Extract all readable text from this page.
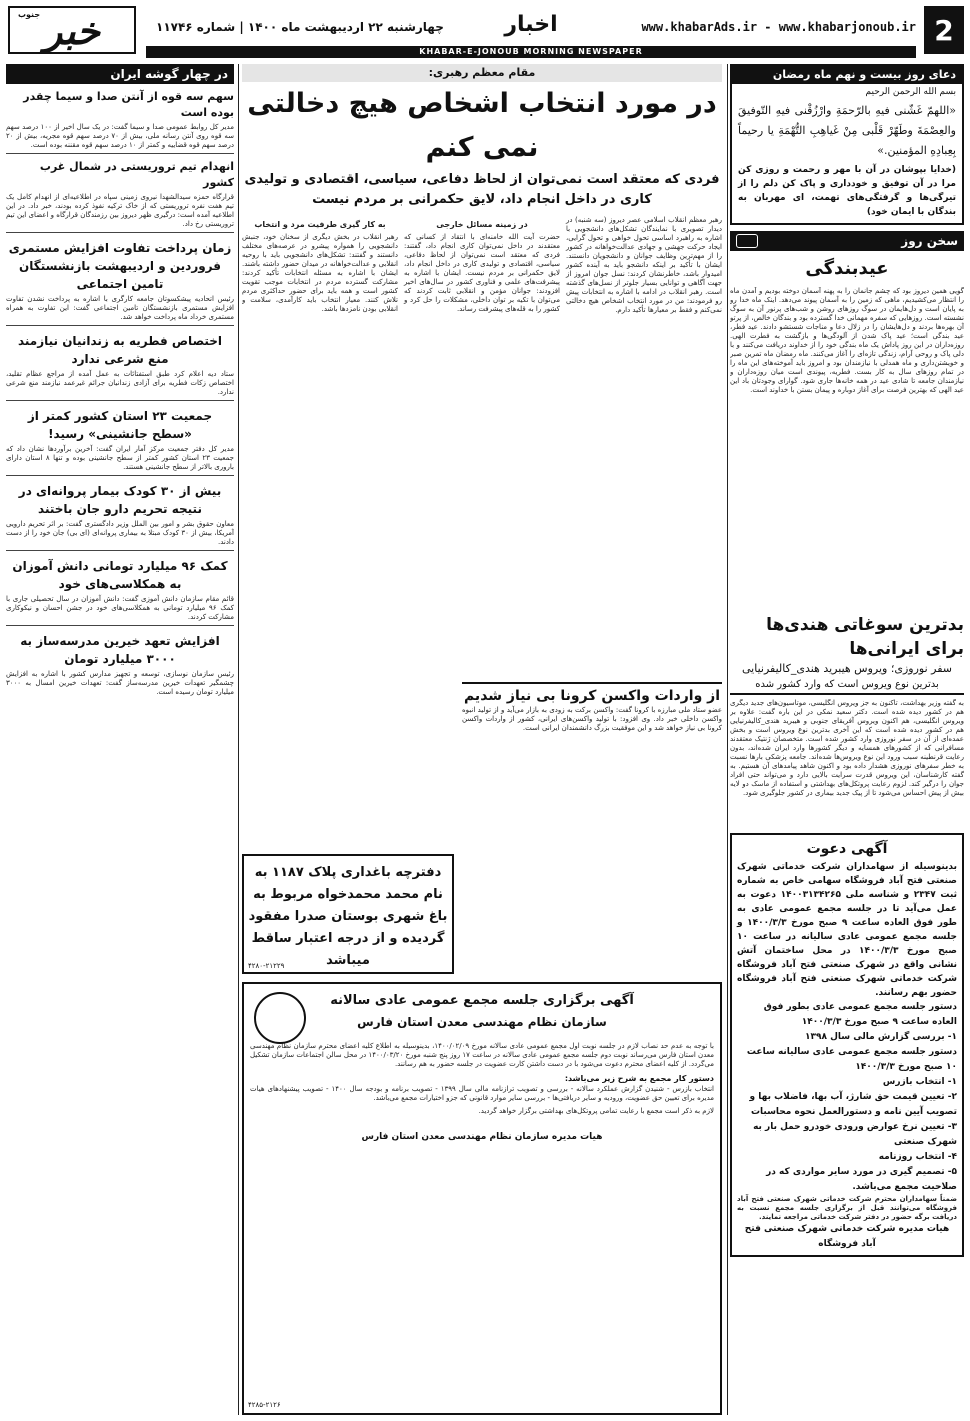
2
www.khabarAds.ir - www.khabarjonoub.ir
اخبار
چهارشنبه ۲۲ اردیبهشت ماه ۱۴۰۰ | شماره ۱۱۷۴۶
خبر
جنوب
KHABAR-E-JONOUB MORNING NEWSPAPER
دعای روز بیست و نهم ماه رمضان
بسم الله الرحمن الرحیم
«اللهمّ غَشّنی فیهِ بالرّحمَةِ وارْزُقْنی فیهِ التّوفیقَ والعِصْمَةَ وطَهّرْ قَلْبی مِنْ غَیاهِبِ التُّهْمَةِ یا رحیماً بِعِبادِهِ المؤمنین.»
(خدایا بپوشان در آن با مهر و رحمت و روزی کن مرا در آن توفیق و خودداری و پاک کن دلم را از تیرگی‌ها و گرفتگی‌های تهمت، ای مهربان به بندگان با ایمان خود)
سخن روز
عیدبندگی
گویی همین دیروز بود که چشم جانمان را به پهنه آسمان دوخته بودیم و آمدن ماه را انتظار می‌کشیدیم، ماهی که زمین را به آسمان پیوند می‌دهد. اینک ماه خدا رو به پایان است و دل‌هایمان در سوگ روزهای روشن و شب‌های پرنور آن به سوگ نشسته است. روزهایی که سفره مهمانی خدا گسترده بود و بندگان خالص، از پرتو آن بهره‌ها بردند و دل‌هایشان را در زلال دعا و مناجات شستشو دادند. عید فطر، عید بندگی است؛ عید پاک شدن از آلودگی‌ها و بازگشت به فطرت الهی. روزه‌داران در این روز پاداش یک ماه بندگی خود را از خداوند دریافت می‌کنند و با دلی پاک و روحی آرام، زندگی تازه‌ای را آغاز می‌کنند. ماه رمضان ماه تمرین صبر و خویشتن‌داری و ماه همدلی با نیازمندان بود و امروز باید آموخته‌های این ماه را در تمام روزهای سال به کار بست. فطریه، پیوندی است میان روزه‌داران و نیازمندان جامعه تا شادی عید در همه خانه‌ها جاری شود. گوارای وجودتان باد این عید الهی که بهترین فرصت برای آغاز دوباره و پیمان بستن با خداوند است.
بدترین سوغاتی هندی‌ها برای ایرانی‌ها
سفر نوروزی؛ ویروس هیبرید هندی_کالیفرنیایی
بدترین نوع ویروس است که وارد کشور شده
به گفته وزیر بهداشت، تاکنون به جز ویروس انگلیسی، موتاسیون‌های جدید دیگری هم در کشور دیده شده است. دکتر سعید نمکی در این باره گفت: علاوه بر ویروس انگلیسی، هم اکنون ویروس آفریقای جنوبی و هیبرید هندی_کالیفرنیایی هم در کشور دیده شده است که این آخری بدترین نوع ویروس است و بخش عمده‌ای از آن در سفر نوروزی وارد کشور شده است. متخصصان ژنتیک معتقدند مسافرانی که از کشورهای همسایه و دیگر کشورها وارد ایران شده‌اند، بدون رعایت قرنطینه سبب ورود این نوع ویروس‌ها شده‌اند. جامعه پزشکی بارها نسبت به خطر سفرهای نوروزی هشدار داده بود و اکنون شاهد پیامدهای آن هستیم. به گفته کارشناسان، این ویروس قدرت سرایت بالایی دارد و می‌تواند حتی افراد جوان را درگیر کند. لزوم رعایت پروتکل‌های بهداشتی و استفاده از ماسک دو لایه بیش از پیش احساس می‌شود تا از پیک جدید بیماری در کشور جلوگیری شود.
آگهی دعوت
بدینوسیله از سهامداران شرکت خدماتی شهرک صنعتی فتح آباد فروشگاه سهامی خاص به شماره ثبت ۲۳۴۷ و شناسه ملی ۱۴۰۰۳۱۳۴۲۶۵ دعوت به عمل می‌آید تا در جلسه مجمع عمومی عادی به طور فوق العاده ساعت ۹ صبح مورخ ۱۴۰۰/۳/۳ و جلسه مجمع عمومی عادی سالیانه در ساعت ۱۰ صبح مورخ ۱۴۰۰/۳/۳ در محل ساختمان آتش نشانی واقع در شهرک صنعتی فتح آباد فروشگاه شرکت خدماتی شهرک صنعتی فتح آباد فروشگاه حضور بهم رسانند.
دستور جلسه مجمع عمومی عادی بطور فوق العاده ساعت ۹ صبح مورخ ۱۴۰۰/۳/۳
۱- بررسی گزارش مالی سال ۱۳۹۸
دستور جلسه مجمع عمومی عادی سالیانه ساعت ۱۰ صبح مورخ ۱۴۰۰/۳/۳
۱- انتخاب بازرس
۲- تعیین قیمت حق شارژ، آب بها، فاضلاب بها و تصویب آیین نامه و دستورالعمل نحوه محاسبات
۳- تعیین نرخ عوارض ورودی خودرو حمل بار به شهرک صنعتی
۴- انتخاب روزنامه
۵- تصمیم گیری در مورد سایر مواردی که در صلاحیت مجمع می‌باشد.
ضمناً سهامداران محترم شرکت خدماتی شهرک صنعتی فتح آباد فروشگاه می‌توانند قبل از برگزاری جلسه مجمع نسبت به دریافت برگه حضور در دفتر شرکت خدماتی مراجعه نمایند.
هیات مدیره شرکت خدماتی شهرک صنعتی فتح آباد فروشگاه
مقام معظم رهبری:
در مورد انتخاب اشخاص هیچ دخالتی نمی کنم
فردی که معتقد است نمی‌توان از لحاظ دفاعی، سیاسی، اقتصادی و تولیدی کاری در داخل انجام داد، لایق حکمرانی بر مردم نیست

رهبر معظم انقلاب اسلامی عصر دیروز (سه شنبه) در دیدار تصویری با نمایندگان تشکل‌های دانشجویی با اشاره به راهبرد اساسی تحول خواهی و تحول گرایی، ایجاد حرکت جهشی و جهادی عدالت‌خواهانه در کشور را از مهم‌ترین وظایف جوانان و دانشجویان دانستند. ایشان با تأکید بر اینکه دانشجو باید به آینده کشور امیدوار باشد، خاطرنشان کردند: نسل جوان امروز از جهت آگاهی و توانایی بسیار جلوتر از نسل‌های گذشته است. رهبر انقلاب در ادامه با اشاره به انتخابات پیش رو فرمودند: من در مورد انتخاب اشخاص هیچ دخالتی نمی‌کنم و فقط بر معیارها تأکید دارم.

در زمینه مسائل خارجی

حضرت آیت الله خامنه‌ای با انتقاد از کسانی که معتقدند در داخل نمی‌توان کاری انجام داد، گفتند: فردی که معتقد است نمی‌توان از لحاظ دفاعی، سیاسی، اقتصادی و تولیدی کاری در داخل انجام داد، لایق حکمرانی بر مردم نیست. ایشان با اشاره به پیشرفت‌های علمی و فناوری کشور در سال‌های اخیر افزودند: جوانان مؤمن و انقلابی ثابت کردند که می‌توان با تکیه بر توان داخلی، مشکلات را حل کرد و کشور را به قله‌های پیشرفت رساند.

به کار گیری طرفیت مرد و انتخاب

رهبر انقلاب در بخش دیگری از سخنان خود، جنبش دانشجویی را همواره پیشرو در عرصه‌های مختلف دانستند و گفتند: تشکل‌های دانشجویی باید با روحیه انقلابی و عدالت‌خواهانه در میدان حضور داشته باشند. ایشان با اشاره به مسئله انتخابات تأکید کردند: مشارکت گسترده مردم در انتخابات موجب تقویت کشور است و همه باید برای حضور حداکثری مردم تلاش کنند. معیار انتخاب باید کارآمدی، سلامت و انقلابی بودن نامزدها باشد.

از واردات واکسن کرونا بی نیاز شدیم
عضو ستاد ملی مبارزه با کرونا گفت: واکسن برکت به زودی به بازار می‌آید و از تولید انبوه واکسن داخلی خبر داد. وی افزود: با تولید واکسن‌های ایرانی، کشور از واردات واکسن کرونا بی نیاز خواهد شد و این موفقیت بزرگ دانشمندان ایرانی است.
دفترچه باغداری پلاک ۱۱۸۷ به نام محمد محمدخواه مربوط به باغ شهری بوستان صدرا مفقود گردیده و از درجه اعتبار ساقط میباشد
۴۲۸۰-۲۱۲۲۹
آگهی برگزاری جلسه مجمع عمومی عادی سالانه
سازمان نظام مهندسی معدن استان فارس
با توجه به عدم حد نصاب لازم در جلسه نوبت اول مجمع عمومی عادی سالانه مورخ ۱۴۰۰/۰۲/۰۹، بدینوسیله به اطلاع کلیه اعضای محترم سازمان نظام مهندسی معدن استان فارس می‌رساند نوبت دوم جلسه مجمع عمومی عادی سالانه در ساعت ۱۷ روز پنج شنبه مورخ ۱۴۰۰/۰۳/۲۰ در محل سالن اجتماعات سازمان تشکیل می‌گردد. از کلیه اعضای محترم دعوت می‌شود با در دست داشتن کارت عضویت در جلسه حضور به هم رسانند.
دستور کار مجمع به شرح زیر می‌باشد:
انتخاب بازرس - شنیدن گزارش عملکرد سالانه - بررسی و تصویب ترازنامه مالی سال ۱۳۹۹ - تصویب برنامه و بودجه سال ۱۴۰۰ - تصویب پیشنهادهای هیات مدیره برای تعیین حق عضویت، ورودیه و سایر دریافتی‌ها - بررسی سایر موارد قانونی که جزو اختیارات مجمع می‌باشد.
لازم به ذکر است مجمع با رعایت تمامی پروتکل‌های بهداشتی برگزار خواهد گردید.
هیات مدیره سازمان نظام مهندسی معدن استان فارس
۴۲۸۵-۲۱۲۶
در چهار گوشه ایران
سهم سه قوه از آنتن صدا و سیما چقدر بوده است
مدیر کل روابط عمومی صدا و سیما گفت: در یک سال اخیر از ۱۰۰ درصد سهم سه قوه روی آنتن رسانه ملی، بیش از ۷۰ درصد سهم قوه مجریه، بیش از ۲۰ درصد سهم قوه قضاییه و کمتر از ۱۰ درصد سهم قوه مقننه بوده است.
انهدام تیم تروریستی در شمال غرب کشور
قرارگاه حمزه سیدالشهدا نیروی زمینی سپاه در اطلاعیه‌ای از انهدام کامل یک تیم هفت نفره تروریستی که از خاک ترکیه نفوذ کرده بودند، خبر داد. در این اطلاعیه آمده است: درگیری ظهر دیروز بین رزمندگان قرارگاه و اعضای این تیم تروریستی رخ داد.
زمان پرداخت تفاوت افزایش مستمری فروردین و اردیبهشت بازنشستگان تامین اجتماعی
رئیس اتحادیه پیشکسوتان جامعه کارگری با اشاره به پرداخت نشدن تفاوت افزایش مستمری بازنشستگان تامین اجتماعی گفت: این تفاوت به همراه مستمری خرداد ماه پرداخت خواهد شد.
اختصاص فطریه به زندانیان نیازمند منع شرعی ندارد
ستاد دیه اعلام کرد طبق استفتائات به عمل آمده از مراجع عظام تقلید، اختصاص زکات فطریه برای آزادی زندانیان جرائم غیرعمد نیازمند منع شرعی ندارد.
جمعیت ۲۳ استان کشور کمتر از «سطح جانشینی» رسید!
مدیر کل دفتر جمعیت مرکز آمار ایران گفت: آخرین برآوردها نشان داد که جمعیت ۲۳ استان کشور کمتر از سطح جانشینی بوده و تنها ۸ استان دارای باروری بالاتر از سطح جانشینی هستند.
بیش از ۳۰ کودک بیمار پروانه‌ای در نتیجه تحریم دارو جان باختند
معاون حقوق بشر و امور بین الملل وزیر دادگستری گفت: بر اثر تحریم دارویی آمریکا، بیش از ۳۰ کودک مبتلا به بیماری پروانه‌ای (ای بی) جان خود را از دست دادند.
کمک ۹۶ میلیارد تومانی دانش آموزان به همکلاسی‌های خود
قائم مقام سازمان دانش آموزی گفت: دانش آموزان در سال تحصیلی جاری با کمک ۹۶ میلیارد تومانی به همکلاسی‌های خود در جشن احسان و نیکوکاری مشارکت کردند.
افزایش تعهد خیرین مدرسه‌ساز به ۳۰۰۰ میلیارد تومان
رئیس سازمان نوسازی، توسعه و تجهیز مدارس کشور با اشاره به افزایش چشمگیر تعهدات خیرین مدرسه‌ساز گفت: تعهدات خیرین امسال به ۳۰۰۰ میلیارد تومان رسیده است.
